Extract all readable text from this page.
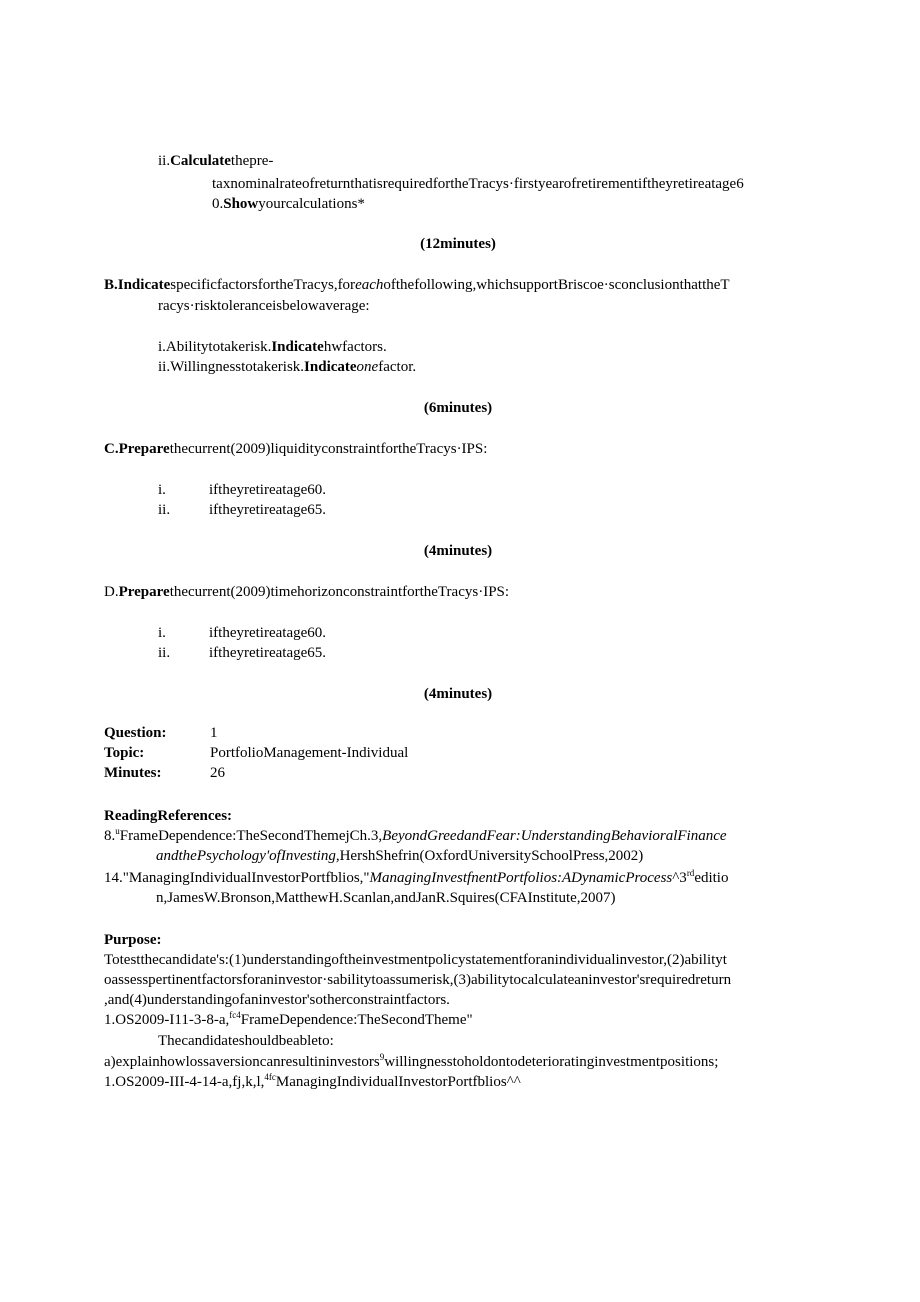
ii.Calculatethepre-
taxnominalrateofreturnthatisrequiredfortheTracys·firstyearofretirementiftheyretireatage6
0.Showyourcalculations*
(12minutes)
B.IndicatespecificfactorsfortheTracys,foreachofthefollowing,whichsupportBriscoe·sconclusionthattheT
racys·risktoleranceisbelowaverage:
i.Abilitytotakerisk.Indicatehwfactors.
ii.Willingnesstotakerisk.Indicateonefactor.
(6minutes)
C.Preparethecurrent(2009)liquidityconstraintfortheTracys·IPS:
i.	iftheyretireatage60.
ii.	iftheyretireatage65.
(4minutes)
D.Preparethecurrent(2009)timehorizonconstraintfortheTracys·IPS:
i.	iftheyretireatage60.
ii.	iftheyretireatage65.
(4minutes)
Question:	1
Topic:	PortfolioManagement-Individual
Minutes:	26
ReadingReferences:
8.$^u$FrameDependence:TheSecondThemejCh.3,BeyondGreedandFear:UnderstandingBehavioralFinance
andthePsychology'ofInvesting,HershShefrin(OxfordUniversitySchoolPress,2002)
14."ManagingIndividualInvestorPortfblios,"ManagingInvestfnentPortfolios:ADynamicProcess^3rdeditio
n,JamesW.Bronson,MatthewH.Scanlan,andJanR.Squires(CFAInstitute,2007)
Purpose:
Totestthecandidate's:(1)understandingoftheinvestmentpolicystatementforanindividualinvestor,(2)abilityt
oassesspertinentfactorsforaninvestor·sabilitytoassumerisk,(3)abilitytocalculateaninvestor'srequiredreturn
,and(4)understandingofaninvestor'sotherconstraintfactors.
1.OS2009-I11-3-8-a,$^{fc4}$FrameDependence:TheSecondTheme"
Thecandidateshouldbeableto:
a)explainhowlossaversioncanresultininvestors$^9$willingnesstoholdontodeterioratinginvestmentpositions;
1.OS2009-III-4-14-a,fj,k,l,$^{4fc}$ManagingIndividualInvestorPortfblios^^
